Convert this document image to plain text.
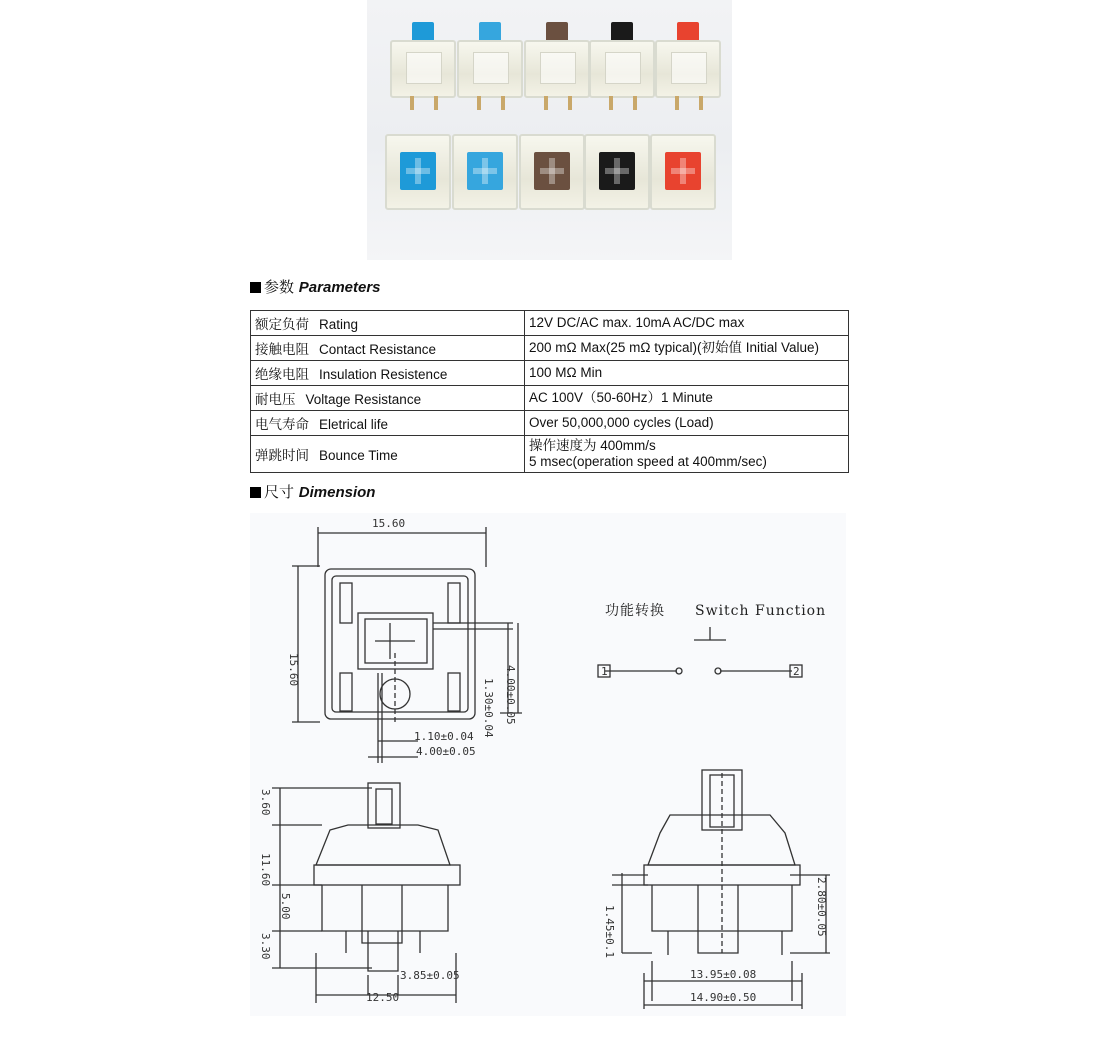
参数 Parameters
额定负荷 Rating	12V DC/AC max. 10mA AC/DC max
接触电阻 Contact Resistance	200 mΩ Max(25 mΩ typical)(初始值 Initial Value)
绝缘电阻 Insulation Resistence	100 MΩ Min
耐电压 Voltage Resistance	AC 100V（50-60Hz）1 Minute
电气寿命 Eletrical life	Over 50,000,000 cycles (Load)
弹跳时间 Bounce Time	操作速度为 400mm/s
5 msec(operation speed at 400mm/sec)
尺寸 Dimension
15.60
15.60
1.30±0.04 4.00±0.05
1.10±0.04
4.00±0.05
功能转换 Switch Function
1	2
3.60
11.60
5.00
3.30
3.85±0.05
12.50
1.45±0.1	2.80±0.05
13.95±0.08
14.90±0.50
